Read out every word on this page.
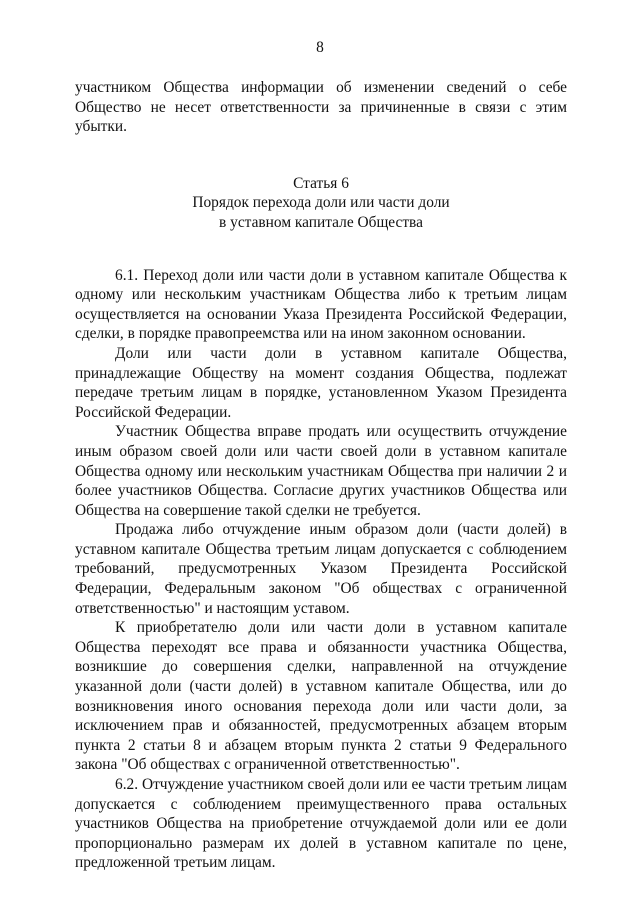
8

участником Общества информации об изменении сведений о себе Общество не несет ответственности за причиненные в связи с этим убытки.

Статья 6
Порядок перехода доли или части доли
в уставном капитале Общества

6.1. Переход доли или части доли в уставном капитале Общества к одному или нескольким участникам Общества либо к третьим лицам осуществляется на основании Указа Президента Российской Федерации, сделки, в порядке правопреемства или на ином законном основании.

Доли или части доли в уставном капитале Общества, принадлежащие Обществу на момент создания Общества, подлежат передаче третьим лицам в порядке, установленном Указом Президента Российской Федерации.

Участник Общества вправе продать или осуществить отчуждение иным образом своей доли или части своей доли в уставном капитале Общества одному или нескольким участникам Общества при наличии 2 и более участников Общества. Согласие других участников Общества или Общества на совершение такой сделки не требуется.

Продажа либо отчуждение иным образом доли (части долей) в уставном капитале Общества третьим лицам допускается с соблюдением требований, предусмотренных Указом Президента Российской Федерации, Федеральным законом "Об обществах с ограниченной ответственностью" и настоящим уставом.

К приобретателю доли или части доли в уставном капитале Общества переходят все права и обязанности участника Общества, возникшие до совершения сделки, направленной на отчуждение указанной доли (части долей) в уставном капитале Общества, или до возникновения иного основания перехода доли или части доли, за исключением прав и обязанностей, предусмотренных абзацем вторым пункта 2 статьи 8 и абзацем вторым пункта 2 статьи 9 Федерального закона "Об обществах с ограниченной ответственностью".

6.2. Отчуждение участником своей доли или ее части третьим лицам допускается с соблюдением преимущественного права остальных участников Общества на приобретение отчуждаемой доли или ее доли пропорционально размерам их долей в уставном капитале по цене, предложенной третьим лицам.
